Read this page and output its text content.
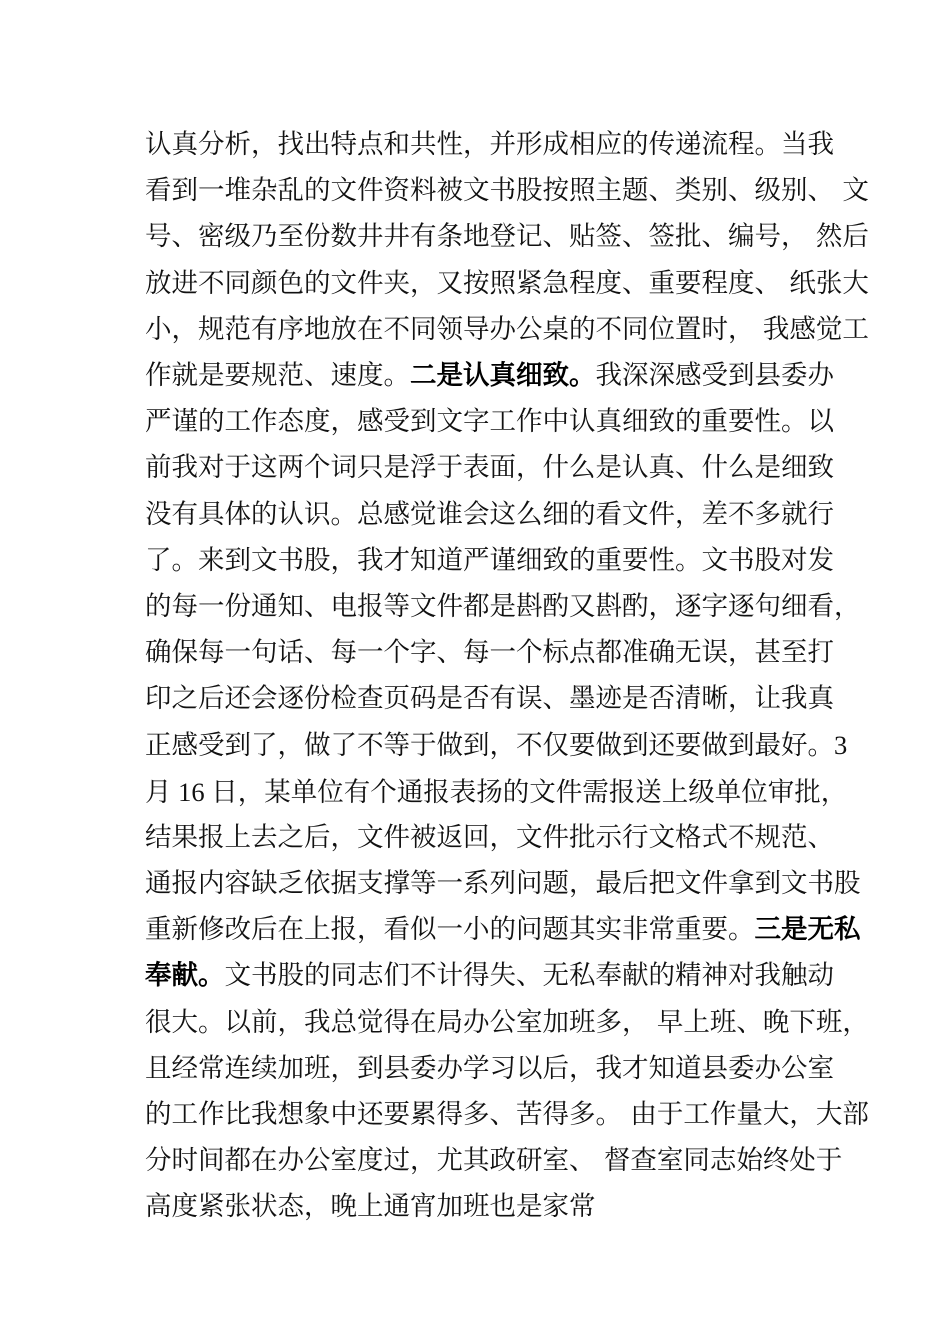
认真分析，找出特点和共性，并形成相应的传递流程。当我
看到一堆杂乱的文件资料被文书股按照主题、类别、级别、 文
号、密级乃至份数井井有条地登记、贴签、签批、编号， 然后
放进不同颜色的文件夹，又按照紧急程度、重要程度、 纸张大
小，规范有序地放在不同领导办公桌的不同位置时， 我感觉工
作就是要规范、速度。二是认真细致。我深深感受到县委办
严谨的工作态度，感受到文字工作中认真细致的重要性。以
前我对于这两个词只是浮于表面，什么是认真、什么是细致
没有具体的认识。总感觉谁会这么细的看文件，差不多就行
了。来到文书股，我才知道严谨细致的重要性。文书股对发
的每一份通知、电报等文件都是斟酌又斟酌，逐字逐句细看，
确保每一句话、每一个字、每一个标点都准确无误，甚至打
印之后还会逐份检查页码是否有误、墨迹是否清晰，让我真
正感受到了，做了不等于做到，不仅要做到还要做到最好。3
月 16 日，某单位有个通报表扬的文件需报送上级单位审批，
结果报上去之后，文件被返回，文件批示行文格式不规范、
通报内容缺乏依据支撑等一系列问题，最后把文件拿到文书股
重新修改后在上报，看似一小的问题其实非常重要。三是无私
奉献。文书股的同志们不计得失、无私奉献的精神对我触动
很大。以前，我总觉得在局办公室加班多， 早上班、晚下班，
且经常连续加班，到县委办学习以后，我才知道县委办公室
的工作比我想象中还要累得多、苦得多。 由于工作量大，大部
分时间都在办公室度过，尤其政研室、 督查室同志始终处于
高度紧张状态，晚上通宵加班也是家常
